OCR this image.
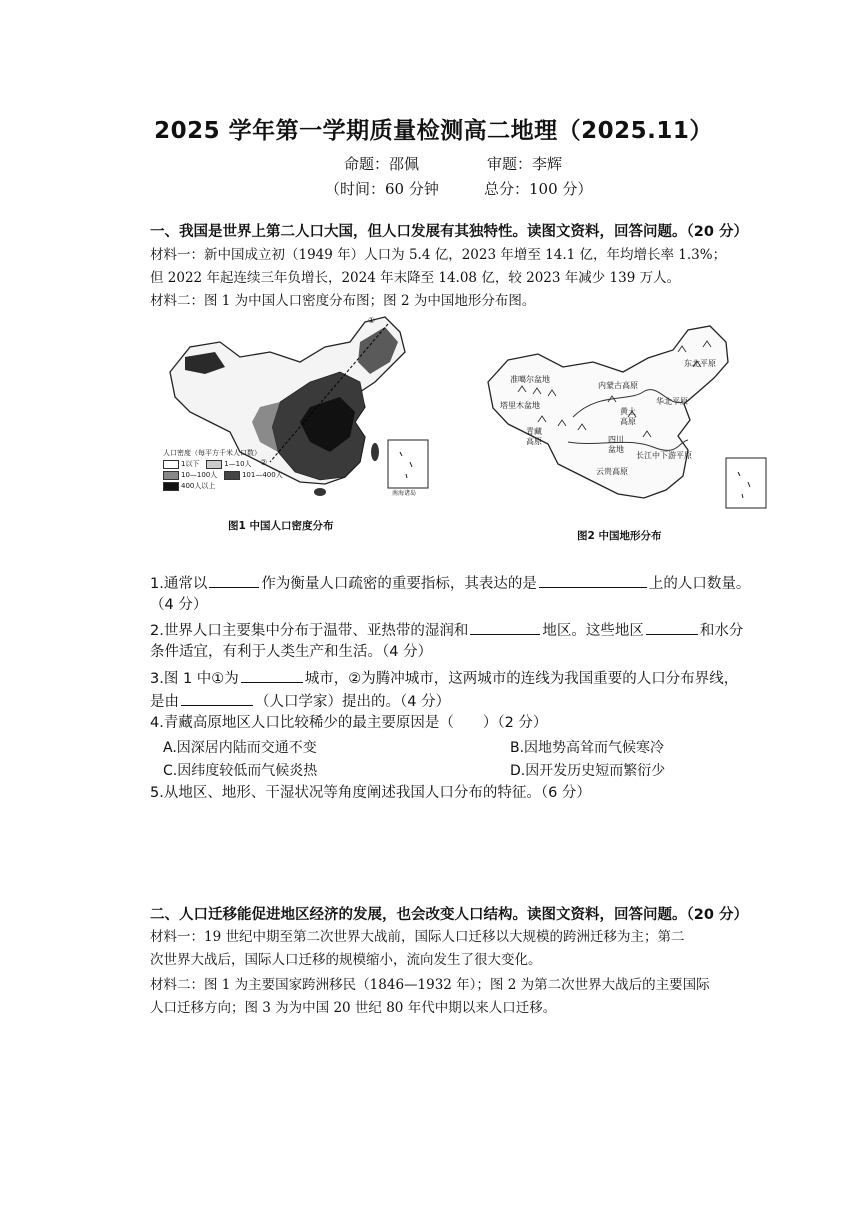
2025 学年第一学期质量检测高二地理（2025.11）
命题：邵佩	审题：李辉
（时间：60 分钟	总分：100 分）
一、我国是世界上第二人口大国，但人口发展有其独特性。读图文资料，回答问题。（20 分）
材料一：新中国成立初（1949 年）人口为 5.4 亿，2023 年增至 14.1 亿，年均增长率 1.3%；
但 2022 年起连续三年负增长，2024 年末降至 14.08 亿，较 2023 年减少 139 万人。
材料二：图 1 为中国人口密度分布图；图 2 为中国地形分布图。
①
②
南海诸岛
人口密度（每平方千米人口数）
1以下	1—10人
10—100人	101—400人
400人以上
图1 中国人口密度分布
准噶尔盆地
塔里木盆地
青藏
高原
内蒙古高原
黄土
高原
四川
盆地
云贵高原
东北平原
华北平原
长江中下游平原
图2 中国地形分布
1.通常以	作为衡量人口疏密的重要指标，其表达的是	上的人口数量。
（4 分）
2.世界人口主要集中分布于温带、亚热带的湿润和	地区。这些地区	和水分
条件适宜，有利于人类生产和生活。（4 分）
3.图 1 中①为	城市，②为腾冲城市，这两城市的连线为我国重要的人口分布界线，
是由	（人口学家）提出的。（4 分）
4.青藏高原地区人口比较稀少的最主要原因是（　　）（2 分）
A.因深居内陆而交通不变	B.因地势高耸而气候寒冷
C.因纬度较低而气候炎热	D.因开发历史短而繁衍少
5.从地区、地形、干湿状况等角度阐述我国人口分布的特征。（6 分）
二、人口迁移能促进地区经济的发展，也会改变人口结构。读图文资料，回答问题。（20 分）
材料一：19 世纪中期至第二次世界大战前，国际人口迁移以大规模的跨洲迁移为主；第二
次世界大战后，国际人口迁移的规模缩小，流向发生了很大变化。
材料二：图 1 为主要国家跨洲移民（1846—1932 年）；图 2 为第二次世界大战后的主要国际
人口迁移方向；图 3 为为中国 20 世纪 80 年代中期以来人口迁移。
